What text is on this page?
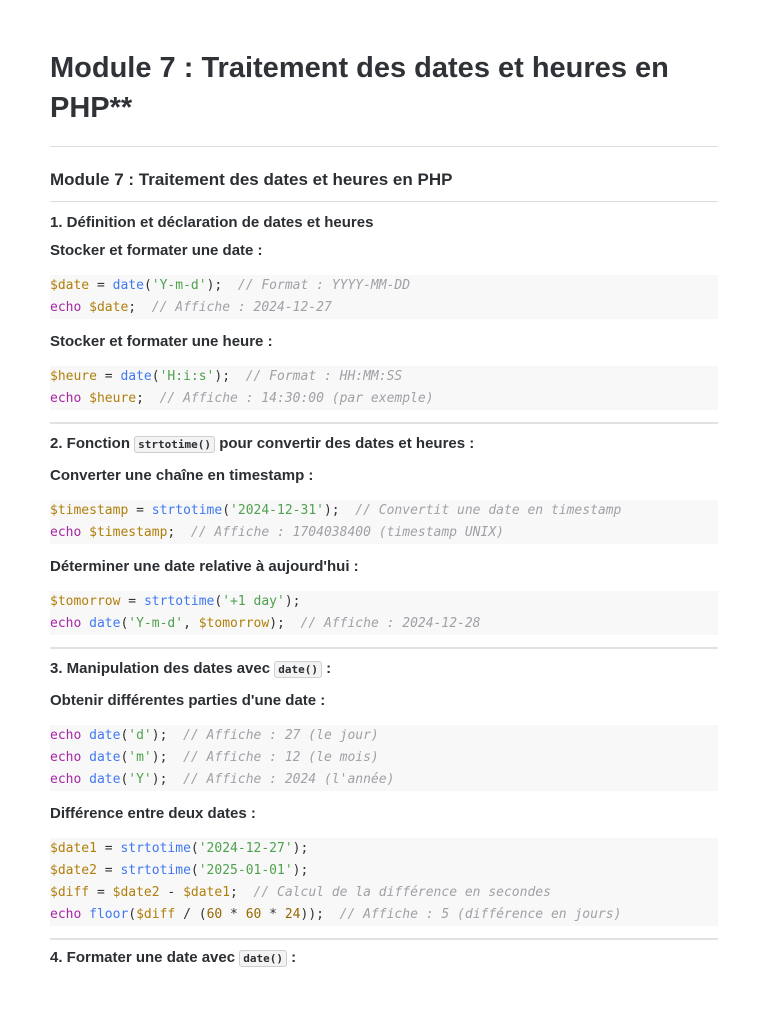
Module 7 : Traitement des dates et heures en PHP**
Module 7 : Traitement des dates et heures en PHP
1. Définition et déclaration de dates et heures
Stocker et formater une date :
$date = date('Y-m-d');  // Format : YYYY-MM-DD
echo $date;  // Affiche : 2024-12-27
Stocker et formater une heure :
$heure = date('H:i:s');  // Format : HH:MM:SS
echo $heure;  // Affiche : 14:30:00 (par exemple)
2. Fonction strtotime() pour convertir des dates et heures :
Converter une chaîne en timestamp :
$timestamp = strtotime('2024-12-31');  // Convertit une date en timestamp
echo $timestamp;  // Affiche : 1704038400 (timestamp UNIX)
Déterminer une date relative à aujourd'hui :
$tomorrow = strtotime('+1 day');
echo date('Y-m-d', $tomorrow);  // Affiche : 2024-12-28
3. Manipulation des dates avec date() :
Obtenir différentes parties d'une date :
echo date('d');  // Affiche : 27 (le jour)
echo date('m');  // Affiche : 12 (le mois)
echo date('Y');  // Affiche : 2024 (l'année)
Différence entre deux dates :
$date1 = strtotime('2024-12-27');
$date2 = strtotime('2025-01-01');
$diff = $date2 - $date1;  // Calcul de la différence en secondes
echo floor($diff / (60 * 60 * 24));  // Affiche : 5 (différence en jours)
4. Formater une date avec date() :
